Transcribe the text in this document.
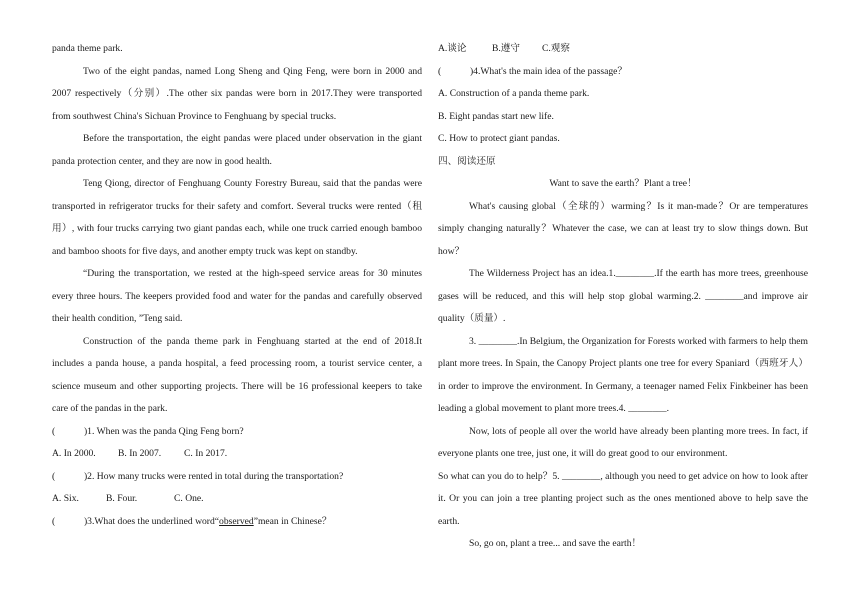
panda theme park.

Two of the eight pandas, named Long Sheng and Qing Feng, were born in 2000 and 2007 respectively（分别）.The other six pandas were born in 2017.They were transported from southwest China's Sichuan Province to Fenghuang by special trucks.

Before the transportation, the eight pandas were placed under observation in the giant panda protection center, and they are now in good health.

Teng Qiong, director of Fenghuang County Forestry Bureau, said that the pandas were transported in refrigerator trucks for their safety and comfort. Several trucks were rented（租用）, with four trucks carrying two giant pandas each, while one truck carried enough bamboo and bamboo shoots for five days, and another empty truck was kept on standby.

“During the transportation, we rested at the high-speed service areas for 30 minutes every three hours. The keepers provided food and water for the pandas and carefully observed their health condition, ”Teng said.

Construction of the panda theme park in Fenghuang started at the end of 2018.It includes a panda house, a panda hospital, a feed processing room, a tourist service center, a science museum and other supporting projects. There will be 16 professional keepers to take care of the pandas in the park.

(　　　)1. When was the panda Qing Feng born?

A. In 2000. B. In 2007. C. In 2017.

(　　　)2. How many trucks were rented in total during the transportation?

A. Six.	B. Four.	C. One.

(　　　)3.What does the underlined word“observed”mean in Chinese？

A.谈论	B.遵守 C.观察

(　　　)4.What's the main idea of the passage？

A. Construction of a panda theme park.

B. Eight pandas start new life.

C. How to protect giant pandas.

四、阅读还原

Want to save the earth？Plant a tree！

What's causing global（全球的）warming？Is it man-made？Or are temperatures simply changing naturally？Whatever the case, we can at least try to slow things down. But how？

The Wilderness Project has an idea.1.________.If the earth has more trees, greenhouse gases will be reduced, and this will help stop global warming.2. ________and improve air quality（质量）.

3. ________.In Belgium, the Organization for Forests worked with farmers to help them plant more trees. In Spain, the Canopy Project plants one tree for every Spaniard（西班牙人）in order to improve the environment. In Germany, a teenager named Felix Finkbeiner has been leading a global movement to plant more trees.4. ________.

Now, lots of people all over the world have already been planting more trees. In fact, if everyone plants one tree, just one, it will do great good to our environment.

So what can you do to help？5. ________, although you need to get advice on how to look after it. Or you can join a tree planting project such as the ones mentioned above to help save the earth.

So, go on, plant a tree... and save the earth！
